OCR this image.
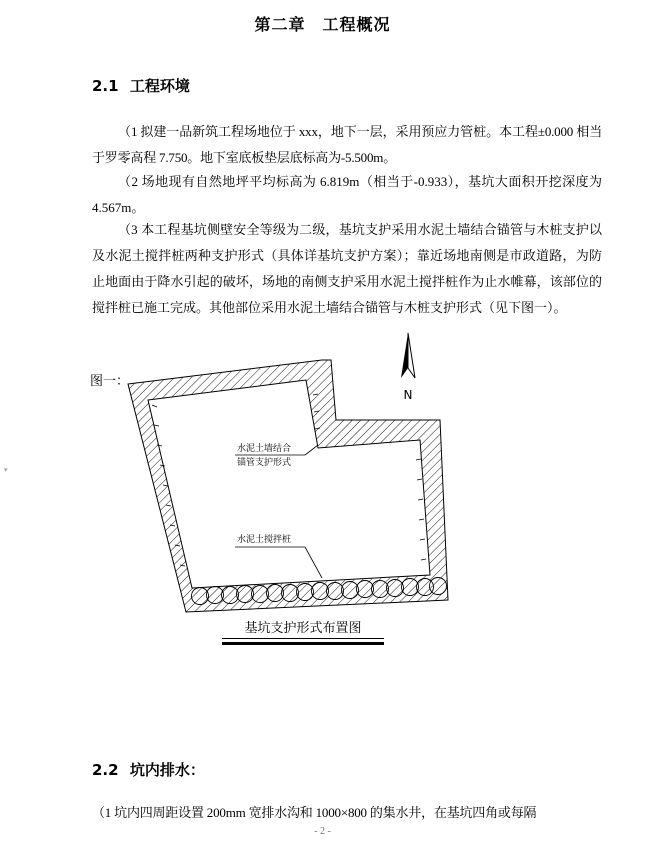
第二章　工程概况
2.1 工程环境
（1 拟建一品新筑工程场地位于 xxx，地下一层，采用预应力管桩。本工程±0.000 相当于罗零高程 7.750。地下室底板垫层底标高为-5.500m。
（2 场地现有自然地坪平均标高为 6.819m（相当于-0.933），基坑大面积开挖深度为 4.567m。
（3 本工程基坑侧壁安全等级为二级，基坑支护采用水泥土墙结合锚管与木桩支护以及水泥土搅拌桩两种支护形式（具体详基坑支护方案）；靠近场地南侧是市政道路，为防止地面由于降水引起的破坏，场地的南侧支护采用水泥土搅拌桩作为止水帷幕，该部位的搅拌桩已施工完成。其他部位采用水泥土墙结合锚管与木桩支护形式（见下图一）。
图一：
N
水泥土墙结合
锚管支护形式
水泥土搅拌桩
基坑支护形式布置图
2.2 坑内排水：
（1 坑内四周距设置 200mm 宽排水沟和 1000×800 的集水井，在基坑四角或每隔
- 2 -
▾
